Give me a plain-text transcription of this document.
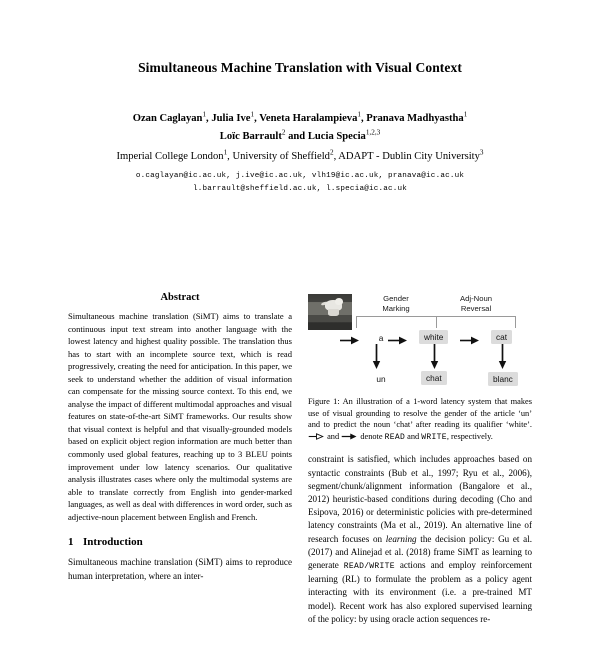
Simultaneous Machine Translation with Visual Context
Ozan Caglayan$^1$, Julia Ive$^1$, Veneta Haralampieva$^1$, Pranava Madhyastha$^1$
Loïc Barrault$^2$ and Lucia Specia$^{1,2,3}$
Imperial College London$^1$, University of Sheffield$^2$, ADAPT - Dublin City University$^3$
o.caglayan@ic.ac.uk, j.ive@ic.ac.uk, vlh19@ic.ac.uk, pranava@ic.ac.uk
l.barrault@sheffield.ac.uk, l.specia@ic.ac.uk
Abstract

Simultaneous machine translation (SiMT) aims to translate a continuous input text stream into another language with the lowest latency and highest quality possible. The translation thus has to start with an incomplete source text, which is read progressively, creating the need for anticipation. In this paper, we seek to understand whether the addition of visual information can compensate for the missing source context. To this end, we analyse the impact of different multimodal approaches and visual features on state-of-the-art SiMT frameworks. Our results show that visual context is helpful and that visually-grounded models based on explicit object region information are much better than commonly used global features, reaching up to 3 BLEU points improvement under low latency scenarios. Our qualitative analysis illustrates cases where only the multimodal systems are able to translate correctly from English into gender-marked languages, as well as deal with differences in word order, such as adjective-noun placement between English and French.

1 Introduction

Simultaneous machine translation (SiMT) aims to reproduce human interpretation, where an inter-

Gender
Marking
Adj-Noun
Reversal
a	white	cat
un	chat	blanc

Figure 1: An illustration of a 1-word latency system that makes use of visual grounding to resolve the gender of the article ‘un’ and to predict the noun ‘chat’ after reading its qualifier ‘white’.  and  denote READ and WRITE, respectively.

constraint is satisfied, which includes approaches based on syntactic constraints (Bub et al., 1997; Ryu et al., 2006), segment/chunk/alignment information (Bangalore et al., 2012) heuristic-based conditions during decoding (Cho and Esipova, 2016) or deterministic policies with pre-determined latency constraints (Ma et al., 2019). An alternative line of research focuses on learning the decision policy: Gu et al. (2017) and Alinejad et al. (2018) frame SiMT as learning to generate READ/WRITE actions and employ reinforcement learning (RL) to formulate the problem as a policy agent interacting with its environment (i.e. a pre-trained MT model). Recent work has also explored supervised learning of the policy: by using oracle action sequences re-
